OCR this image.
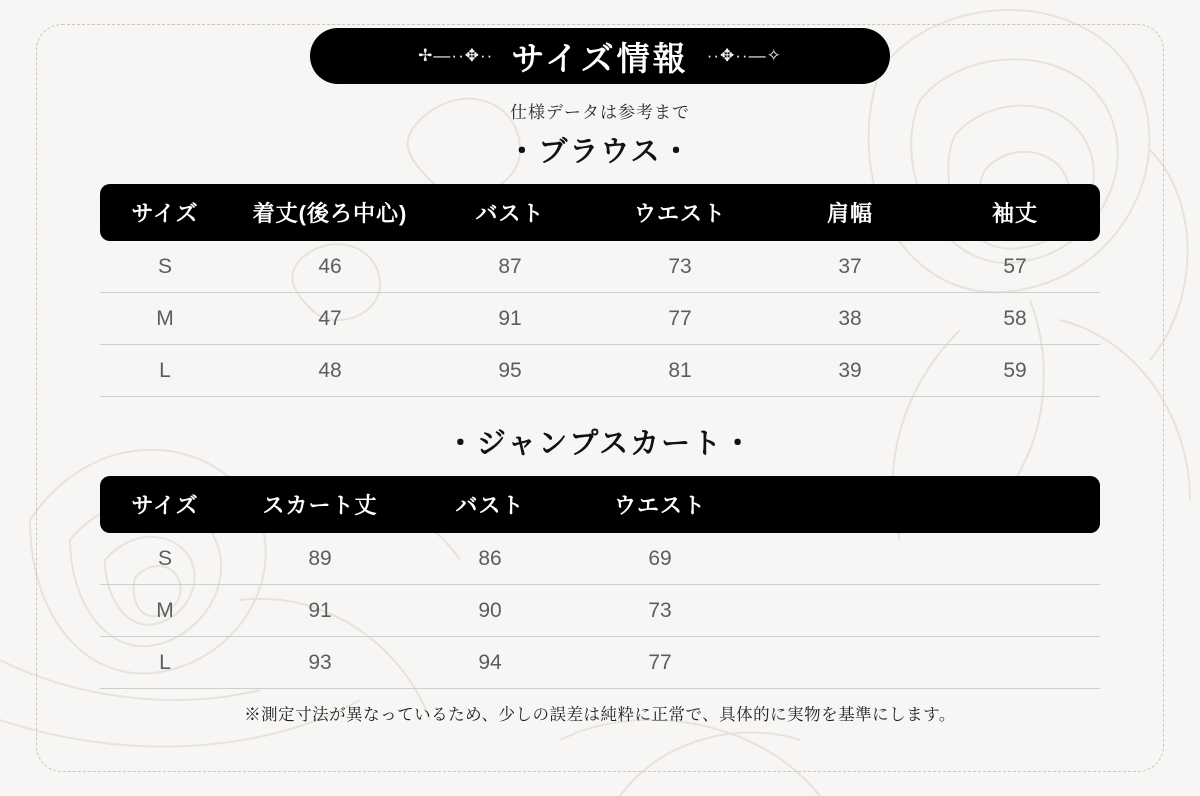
✢—··✥·· サイズ情報 ··✥··—✧
仕様データは参考まで
・ブラウス・
サイズ	着丈(後ろ中心)	バスト	ウエスト	肩幅	袖丈
S	46	87	73	37	57
M	47	91	77	38	58
L	48	95	81	39	59
・ジャンプスカート・
サイズ	スカート丈	バスト	ウエスト	
S	89	86	69	
M	91	90	73	
L	93	94	77	
※測定寸法が異なっているため、少しの誤差は純粋に正常で、具体的に実物を基準にします。
